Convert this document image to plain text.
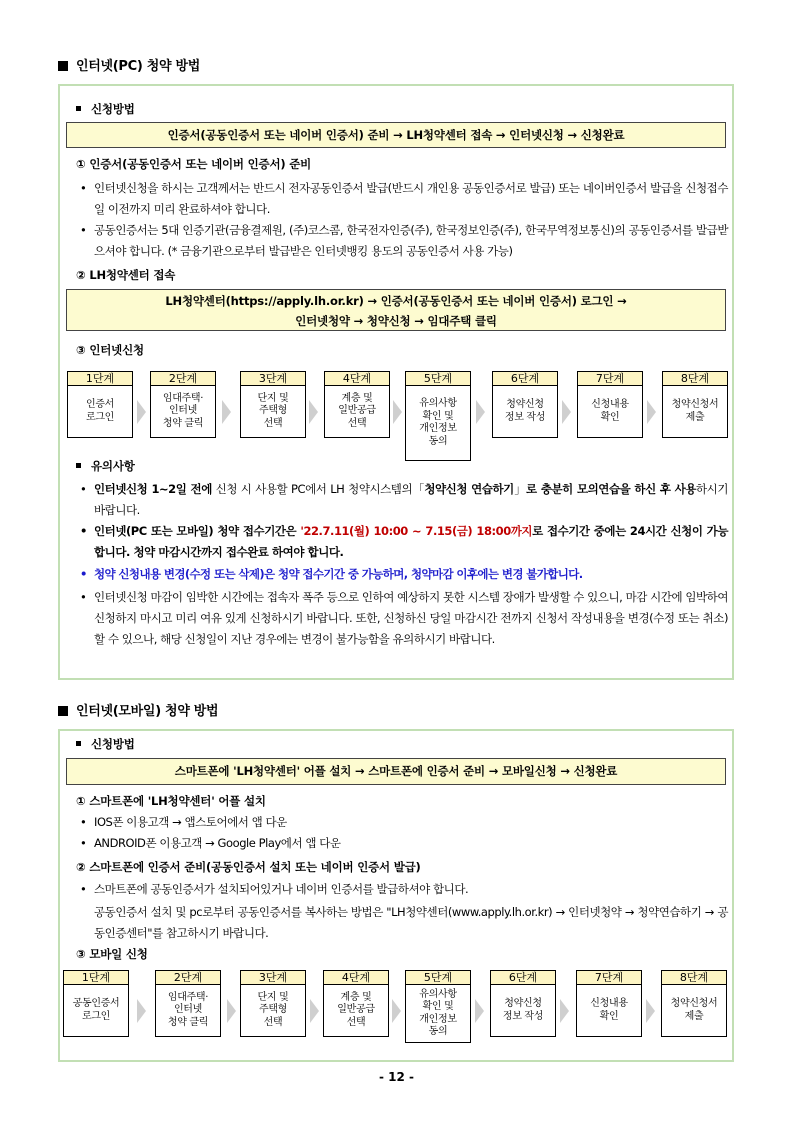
인터넷(PC) 청약 방법
신청방법
인증서(공동인증서 또는 네이버 인증서) 준비 → LH청약센터 접속 → 인터넷신청 → 신청완료
① 인증서(공동인증서 또는 네이버 인증서) 준비
• 인터넷신청을 하시는 고객께서는 반드시 전자공동인증서 발급(반드시 개인용 공동인증서로 발급) 또는 네이버인증서 발급을 신청접수일 이전까지 미리 완료하셔야 합니다.
• 공동인증서는 5대 인증기관(금융결제원, (주)코스콤, 한국전자인증(주), 한국정보인증(주), 한국무역정보통신)의 공동인증서를 발급받으셔야 합니다. (* 금융기관으로부터 발급받은 인터넷뱅킹 용도의 공동인증서 사용 가능)
② LH청약센터 접속
LH청약센터(https://apply.lh.or.kr) → 인증서(공동인증서 또는 네이버 인증서) 로그인 →
인터넷청약 → 청약신청 → 임대주택 클릭
③ 인터넷신청
1단계
인증서
로그인
2단계
임대주택·
인터넷
청약 클릭
3단계
단지 및
주택형
선택
4단계
계층 및
일반공급
선택
5단계
유의사항
확인 및
개인정보
동의
6단계
청약신청
정보 작성
7단계
신청내용
확인
8단계
청약신청서
제출
유의사항
• 인터넷신청 1~2일 전에 신청 시 사용할 PC에서 LH 청약시스템의「청약신청 연습하기」로 충분히 모의연습을 하신 후 사용하시기 바랍니다.
• 인터넷(PC 또는 모바일) 청약 접수기간은 '22.7.11(월) 10:00 ~ 7.15(금) 18:00까지로 접수기간 중에는 24시간 신청이 가능합니다. 청약 마감시간까지 접수완료 하여야 합니다.
• 청약 신청내용 변경(수정 또는 삭제)은 청약 접수기간 중 가능하며, 청약마감 이후에는 변경 불가합니다.
• 인터넷신청 마감이 임박한 시간에는 접속자 폭주 등으로 인하여 예상하지 못한 시스템 장애가 발생할 수 있으니, 마감 시간에 임박하여 신청하지 마시고 미리 여유 있게 신청하시기 바랍니다. 또한, 신청하신 당일 마감시간 전까지 신청서 작성내용을 변경(수정 또는 취소)할 수 있으나, 해당 신청일이 지난 경우에는 변경이 불가능함을 유의하시기 바랍니다.
인터넷(모바일) 청약 방법
신청방법
스마트폰에 'LH청약센터' 어플 설치 → 스마트폰에 인증서 준비 → 모바일신청 → 신청완료
① 스마트폰에 'LH청약센터' 어플 설치
• IOS폰 이용고객 → 앱스토어에서 앱 다운
• ANDROID폰 이용고객 → Google Play에서 앱 다운
② 스마트폰에 인증서 준비(공동인증서 설치 또는 네이버 인증서 발급)
• 스마트폰에 공동인증서가 설치되어있거나 네이버 인증서를 발급하셔야 합니다.
공동인증서 설치 및 pc로부터 공동인증서를 복사하는 방법은 "LH청약센터(www.apply.lh.or.kr) → 인터넷청약 → 청약연습하기 → 공동인증센터"를 참고하시기 바랍니다.
③ 모바일 신청
1단계
공동인증서
로그인
2단계
임대주택·
인터넷
청약 클릭
3단계
단지 및
주택형
선택
4단계
계층 및
일반공급
선택
5단계
유의사항
확인 및
개인정보
동의
6단계
청약신청
정보 작성
7단계
신청내용
확인
8단계
청약신청서
제출
- 12 -
